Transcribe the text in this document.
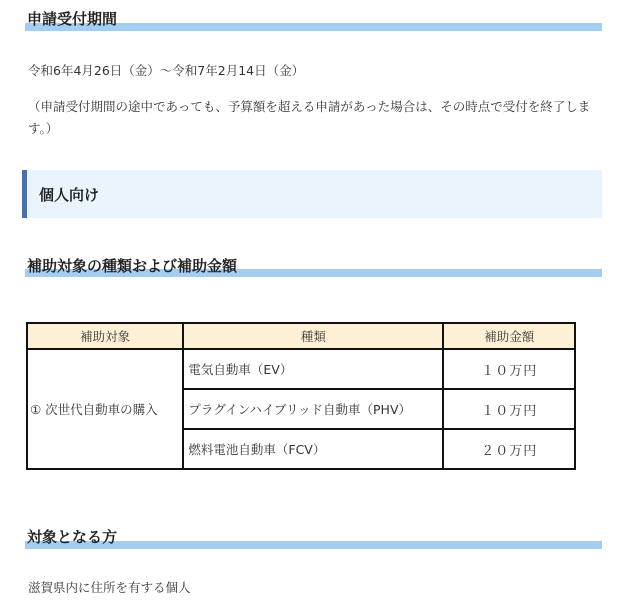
申請受付期間
令和6年4月26日（金）～令和7年2月14日（金）
（申請受付期間の途中であっても、予算額を超える申請があった場合は、その時点で受付を終了します。）
個人向け
補助対象の種類および補助金額
補助対象	種類	補助金額
① 次世代自動車の購入	電気自動車（EV）	１０万円
	プラグインハイブリッド自動車（PHV）	１０万円
	燃料電池自動車（FCV）	２０万円
対象となる方
滋賀県内に住所を有する個人
